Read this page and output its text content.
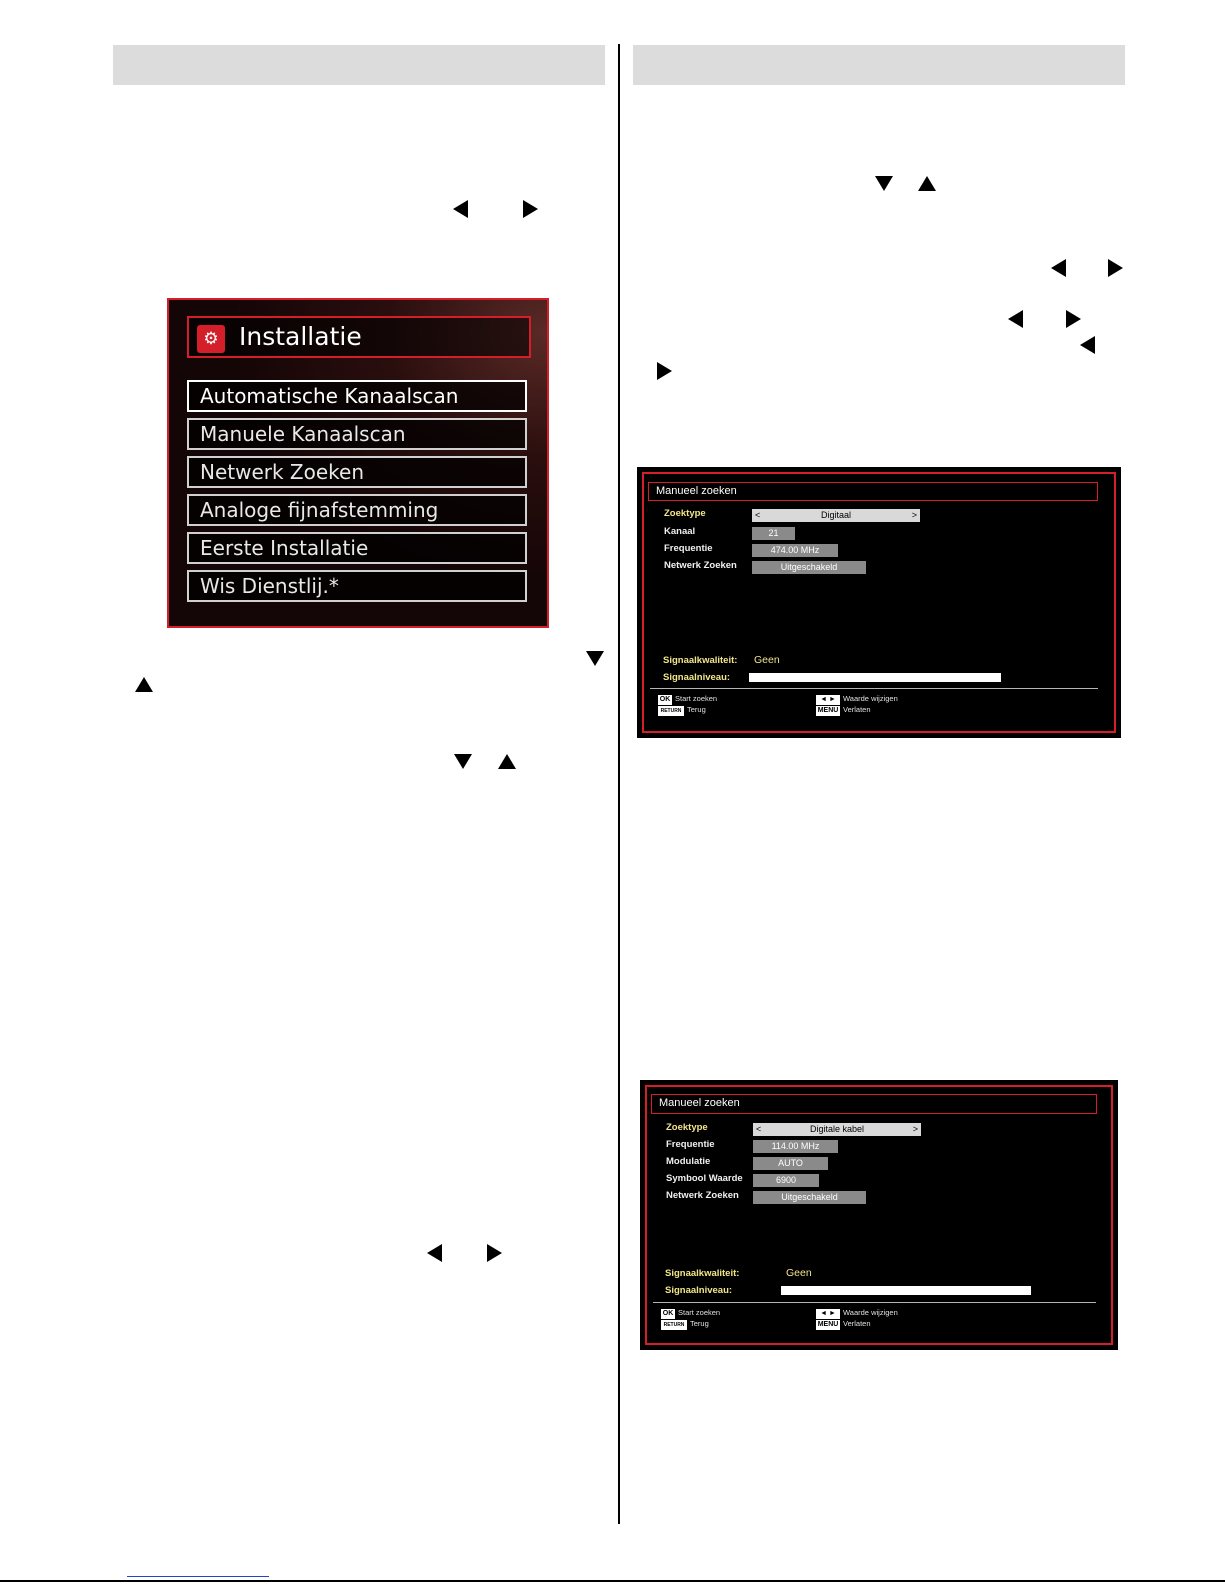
⚙ Installatie
Automatische Kanaalscan
Manuele Kanaalscan
Netwerk Zoeken
Analoge fijnafstemming
Eerste Installatie
Wis Dienstlij.*
Manueel zoeken
Zoektype	<	Digitaal	>
Kanaal	21
Frequentie	474.00 MHz
Netwerk Zoeken	Uitgeschakeld
Signaalkwaliteit: Geen
Signaalniveau:
OK Start zoeken
RETURN Terug
◄ ► Waarde wijzigen
MENU Verlaten
Manueel zoeken
Zoektype	<	Digitale kabel	>
Frequentie	114.00 MHz
Modulatie	AUTO
Symbool Waarde	6900
Netwerk Zoeken	Uitgeschakeld
Signaalkwaliteit:	Geen
Signaalniveau:
OK Start zoeken
RETURN Terug
◄ ► Waarde wijzigen
MENU Verlaten
